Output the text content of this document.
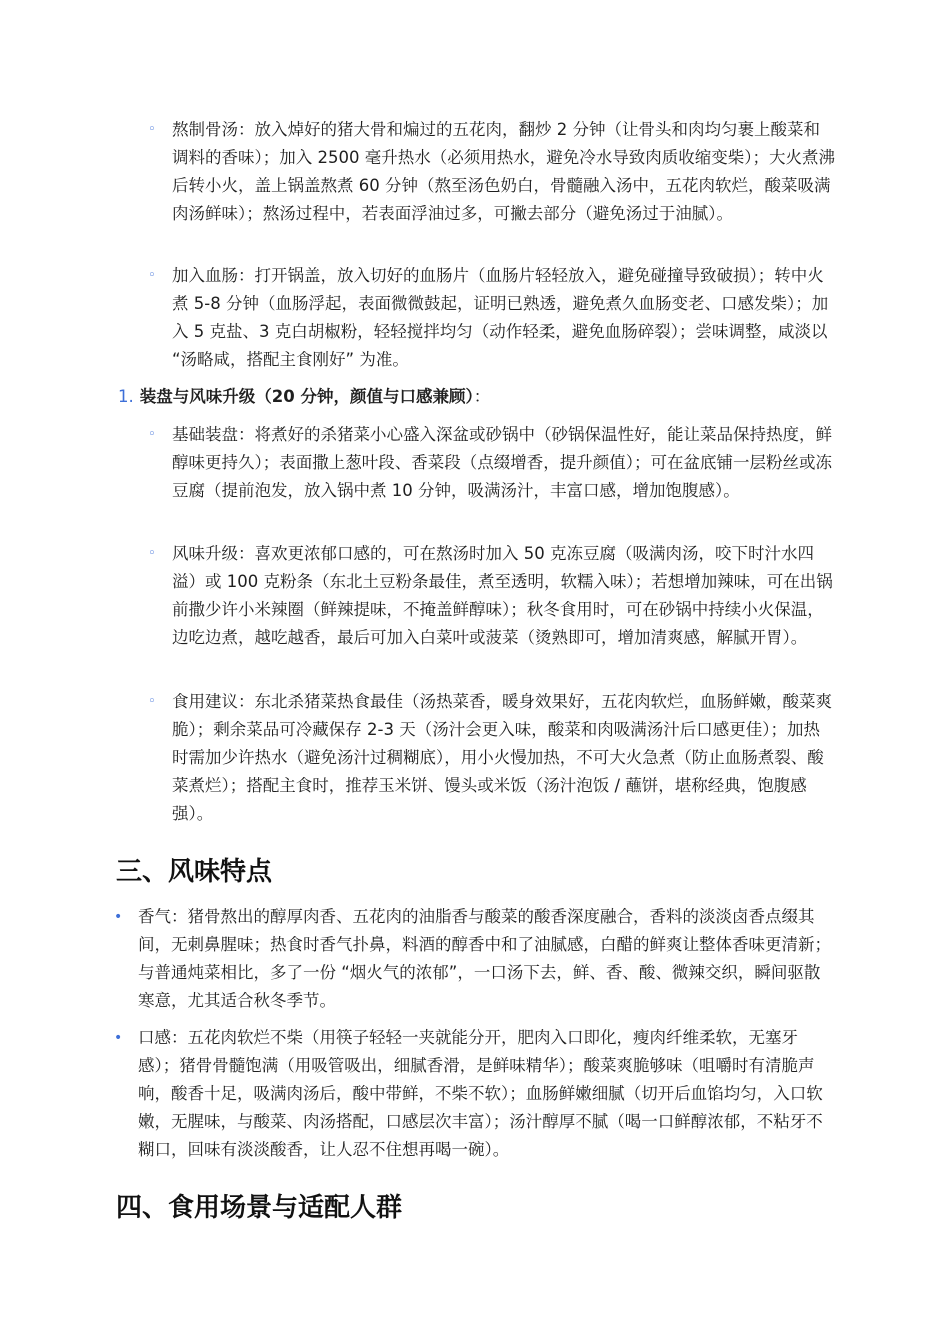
◦ 熬制骨汤：放入焯好的猪大骨和煸过的五花肉，翻炒 2 分钟（让骨头和肉均匀裹上酸菜和调料的香味）；加入 2500 毫升热水（必须用热水，避免冷水导致肉质收缩变柴）；大火煮沸后转小火，盖上锅盖熬煮 60 分钟（熬至汤色奶白，骨髓融入汤中，五花肉软烂，酸菜吸满肉汤鲜味）；熬汤过程中，若表面浮油过多，可撇去部分（避免汤过于油腻）。
◦ 加入血肠：打开锅盖，放入切好的血肠片（血肠片轻轻放入，避免碰撞导致破损）；转中火煮 5-8 分钟（血肠浮起，表面微微鼓起，证明已熟透，避免煮久血肠变老、口感发柴）；加入 5 克盐、3 克白胡椒粉，轻轻搅拌均匀（动作轻柔，避免血肠碎裂）；尝味调整，咸淡以 “汤略咸，搭配主食刚好” 为准。
1. 装盘与风味升级（20 分钟，颜值与口感兼顾）：
◦ 基础装盘：将煮好的杀猪菜小心盛入深盆或砂锅中（砂锅保温性好，能让菜品保持热度，鲜醇味更持久）；表面撒上葱叶段、香菜段（点缀增香，提升颜值）；可在盆底铺一层粉丝或冻豆腐（提前泡发，放入锅中煮 10 分钟，吸满汤汁，丰富口感，增加饱腹感）。
◦ 风味升级：喜欢更浓郁口感的，可在熬汤时加入 50 克冻豆腐（吸满肉汤，咬下时汁水四溢）或 100 克粉条（东北土豆粉条最佳，煮至透明，软糯入味）；若想增加辣味，可在出锅前撒少许小米辣圈（鲜辣提味，不掩盖鲜醇味）；秋冬食用时，可在砂锅中持续小火保温，边吃边煮，越吃越香，最后可加入白菜叶或菠菜（烫熟即可，增加清爽感，解腻开胃）。
◦ 食用建议：东北杀猪菜热食最佳（汤热菜香，暖身效果好，五花肉软烂，血肠鲜嫩，酸菜爽脆）；剩余菜品可冷藏保存 2-3 天（汤汁会更入味，酸菜和肉吸满汤汁后口感更佳）；加热时需加少许热水（避免汤汁过稠糊底），用小火慢加热，不可大火急煮（防止血肠煮裂、酸菜煮烂）；搭配主食时，推荐玉米饼、馒头或米饭（汤汁泡饭 / 蘸饼，堪称经典，饱腹感强）。
三、风味特点
• 香气：猪骨熬出的醇厚肉香、五花肉的油脂香与酸菜的酸香深度融合，香料的淡淡卤香点缀其间，无刺鼻腥味；热食时香气扑鼻，料酒的醇香中和了油腻感，白醋的鲜爽让整体香味更清新；与普通炖菜相比，多了一份 “烟火气的浓郁”，一口汤下去，鲜、香、酸、微辣交织，瞬间驱散寒意，尤其适合秋冬季节。
• 口感：五花肉软烂不柴（用筷子轻轻一夹就能分开，肥肉入口即化，瘦肉纤维柔软，无塞牙感）；猪骨骨髓饱满（用吸管吸出，细腻香滑，是鲜味精华）；酸菜爽脆够味（咀嚼时有清脆声响，酸香十足，吸满肉汤后，酸中带鲜，不柴不软）；血肠鲜嫩细腻（切开后血馅均匀，入口软嫩，无腥味，与酸菜、肉汤搭配，口感层次丰富）；汤汁醇厚不腻（喝一口鲜醇浓郁，不粘牙不糊口，回味有淡淡酸香，让人忍不住想再喝一碗）。
四、食用场景与适配人群
